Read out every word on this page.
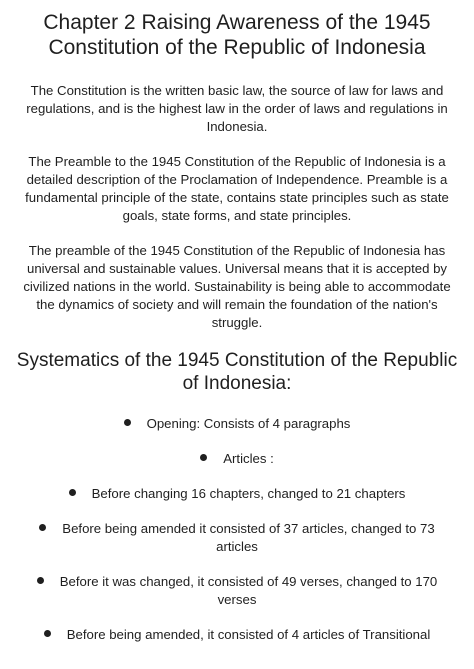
Chapter 2 Raising Awareness of the 1945 Constitution of the Republic of Indonesia

The Constitution is the written basic law, the source of law for laws and regulations, and is the highest law in the order of laws and regulations in Indonesia.

The Preamble to the 1945 Constitution of the Republic of Indonesia is a detailed description of the Proclamation of Independence. Preamble is a fundamental principle of the state, contains state principles such as state goals, state forms, and state principles.

The preamble of the 1945 Constitution of the Republic of Indonesia has universal and sustainable values. Universal means that it is accepted by civilized nations in the world. Sustainability is being able to accommodate the dynamics of society and will remain the foundation of the nation's struggle.

Systematics of the 1945 Constitution of the Republic of Indonesia:
Opening: Consists of 4 paragraphs
Articles :
Before changing 16 chapters, changed to 21 chapters
Before being amended it consisted of 37 articles, changed to 73 articles
Before it was changed, it consisted of 49 verses, changed to 170 verses
Before being amended, it consisted of 4 articles of Transitional
